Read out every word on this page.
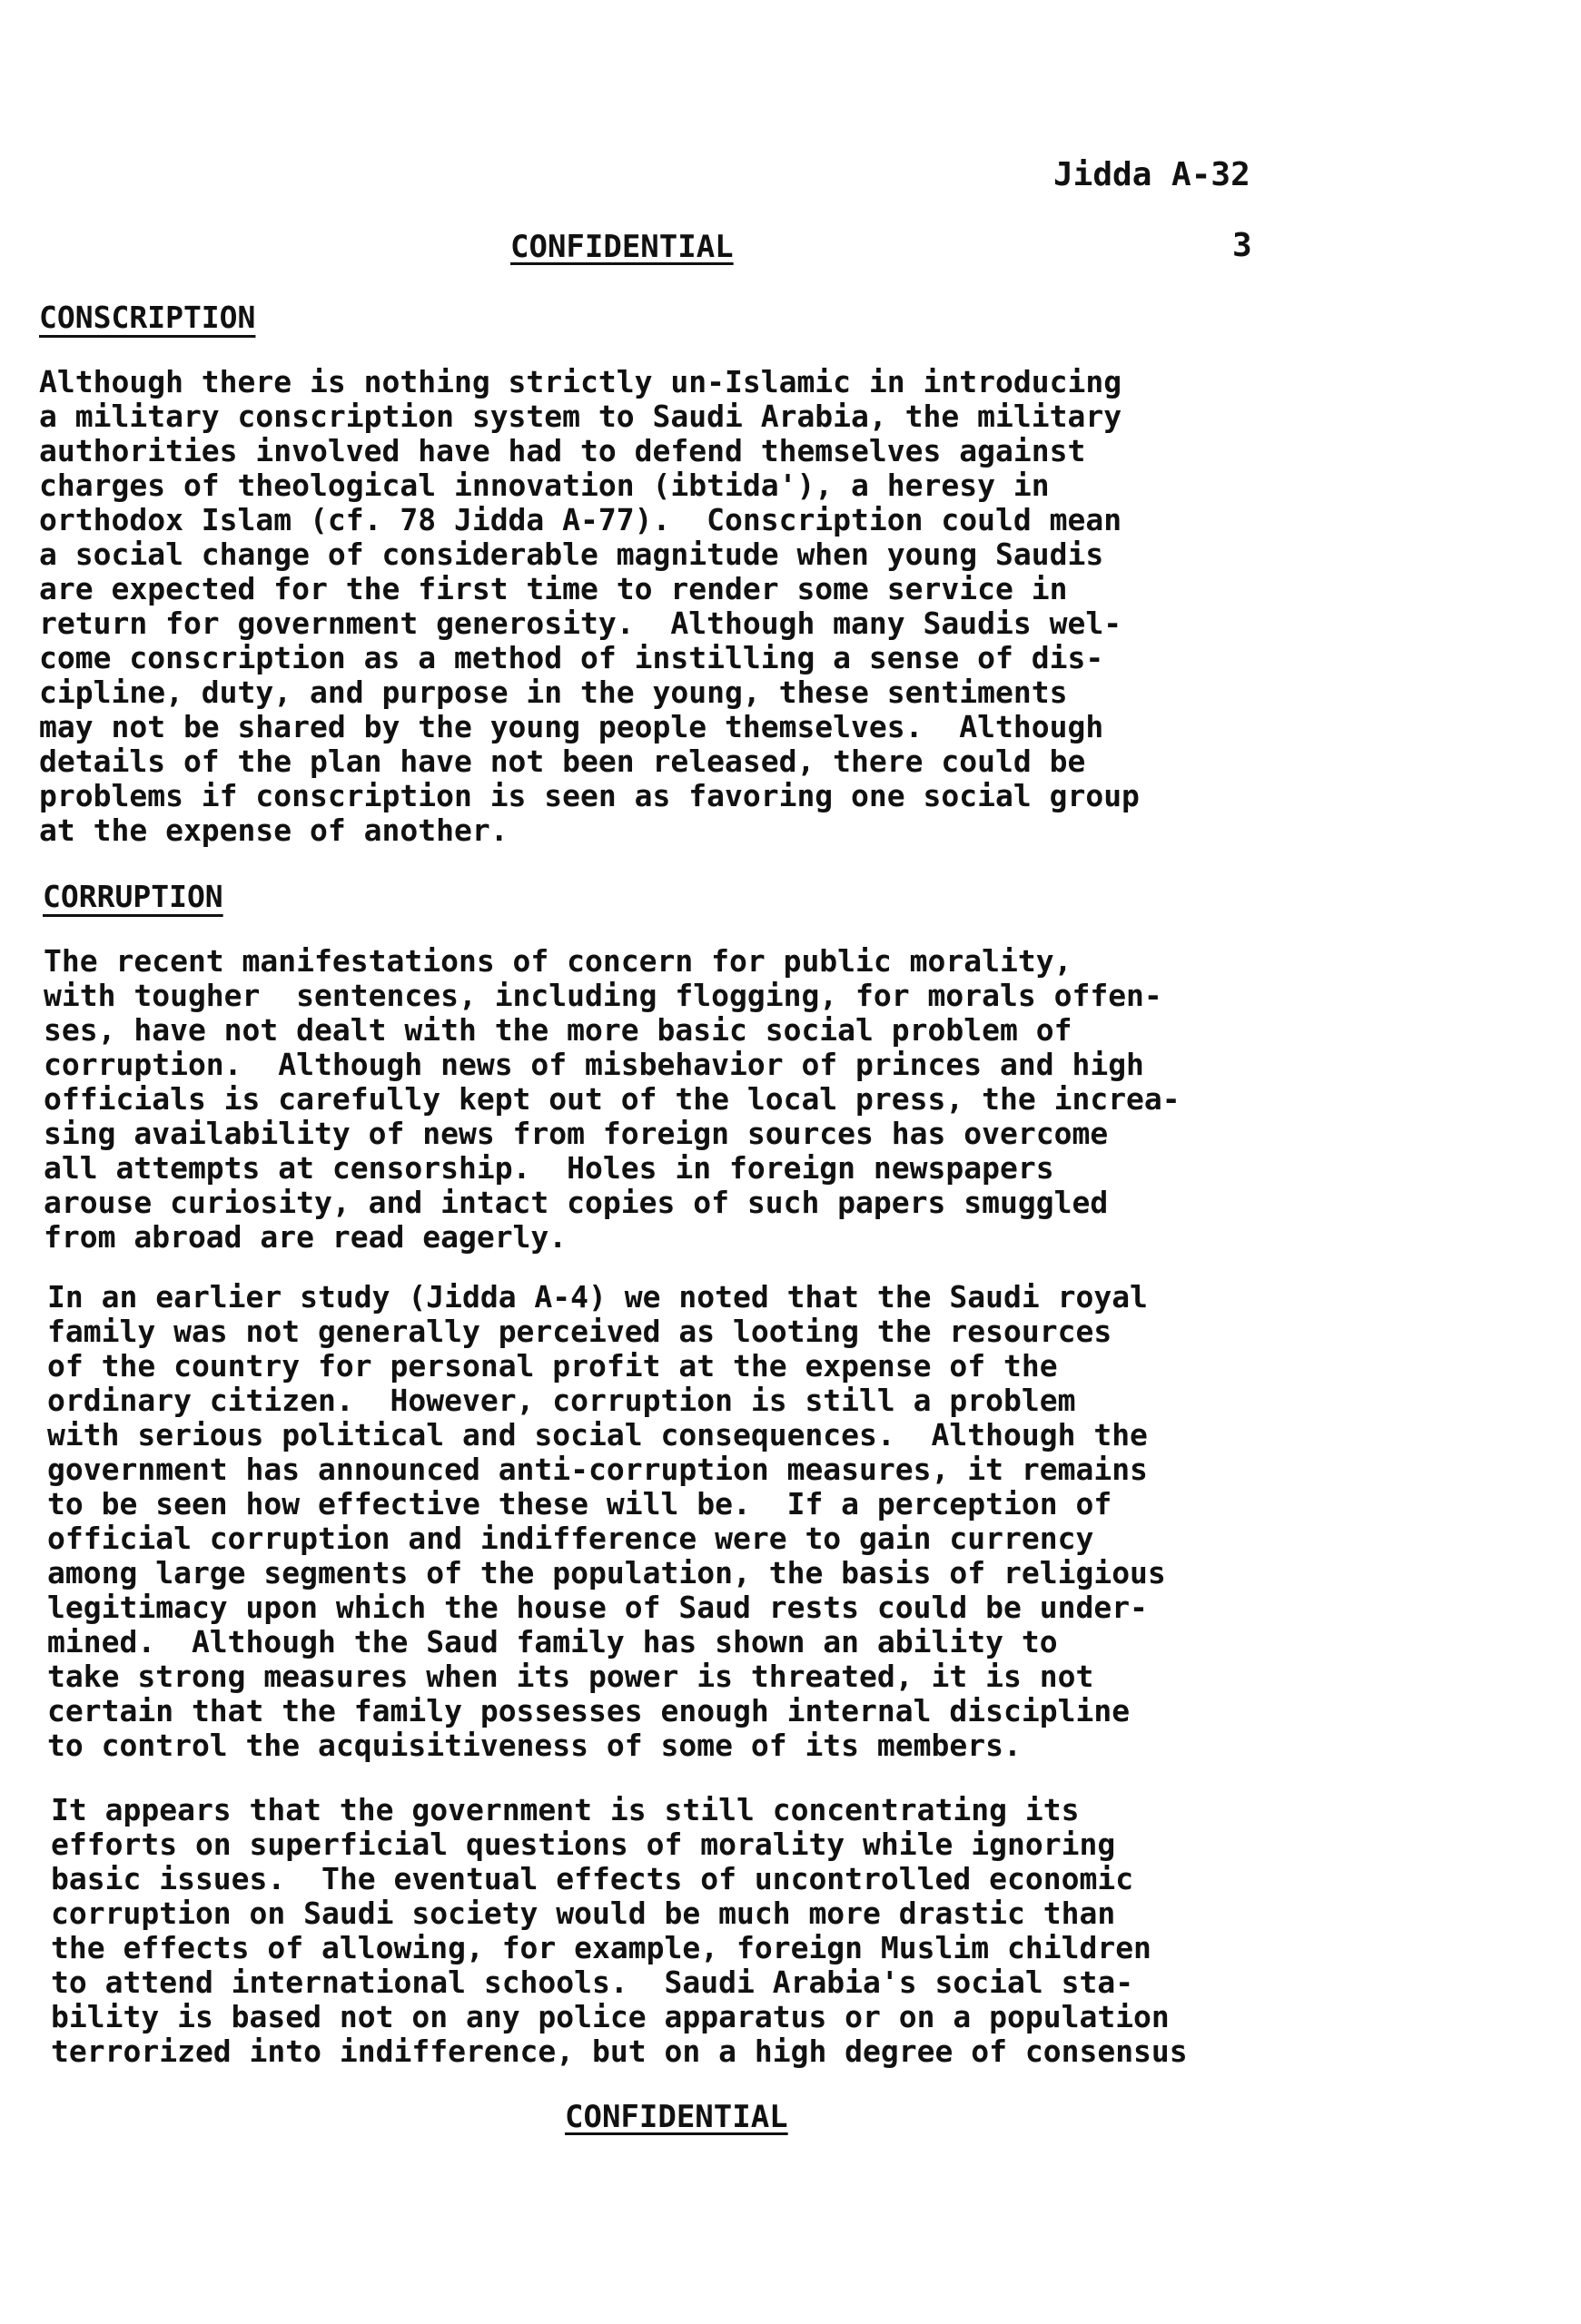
Jidda A-32
CONFIDENTIAL	3
CONSCRIPTION
Although there is nothing strictly un-Islamic in introducing
a military conscription system to Saudi Arabia, the military
authorities involved have had to defend themselves against
charges of theological innovation (ibtida'), a heresy in
orthodox Islam (cf. 78 Jidda A-77).  Conscription could mean
a social change of considerable magnitude when young Saudis
are expected for the first time to render some service in
return for government generosity.  Although many Saudis wel-
come conscription as a method of instilling a sense of dis-
cipline, duty, and purpose in the young, these sentiments
may not be shared by the young people themselves.  Although
details of the plan have not been released, there could be
problems if conscription is seen as favoring one social group
at the expense of another.
CORRUPTION
The recent manifestations of concern for public morality,
with tougher  sentences, including flogging, for morals offen-
ses, have not dealt with the more basic social problem of
corruption.  Although news of misbehavior of princes and high
officials is carefully kept out of the local press, the increa-
sing availability of news from foreign sources has overcome
all attempts at censorship.  Holes in foreign newspapers
arouse curiosity, and intact copies of such papers smuggled
from abroad are read eagerly.
In an earlier study (Jidda A-4) we noted that the Saudi royal
family was not generally perceived as looting the resources
of the country for personal profit at the expense of the
ordinary citizen.  However, corruption is still a problem
with serious political and social consequences.  Although the
government has announced anti-corruption measures, it remains
to be seen how effective these will be.  If a perception of
official corruption and indifference were to gain currency
among large segments of the population, the basis of religious
legitimacy upon which the house of Saud rests could be under-
mined.  Although the Saud family has shown an ability to
take strong measures when its power is threated, it is not
certain that the family possesses enough internal discipline
to control the acquisitiveness of some of its members.
It appears that the government is still concentrating its
efforts on superficial questions of morality while ignoring
basic issues.  The eventual effects of uncontrolled economic
corruption on Saudi society would be much more drastic than
the effects of allowing, for example, foreign Muslim children
to attend international schools.  Saudi Arabia's social sta-
bility is based not on any police apparatus or on a population
terrorized into indifference, but on a high degree of consensus
CONFIDENTIAL
